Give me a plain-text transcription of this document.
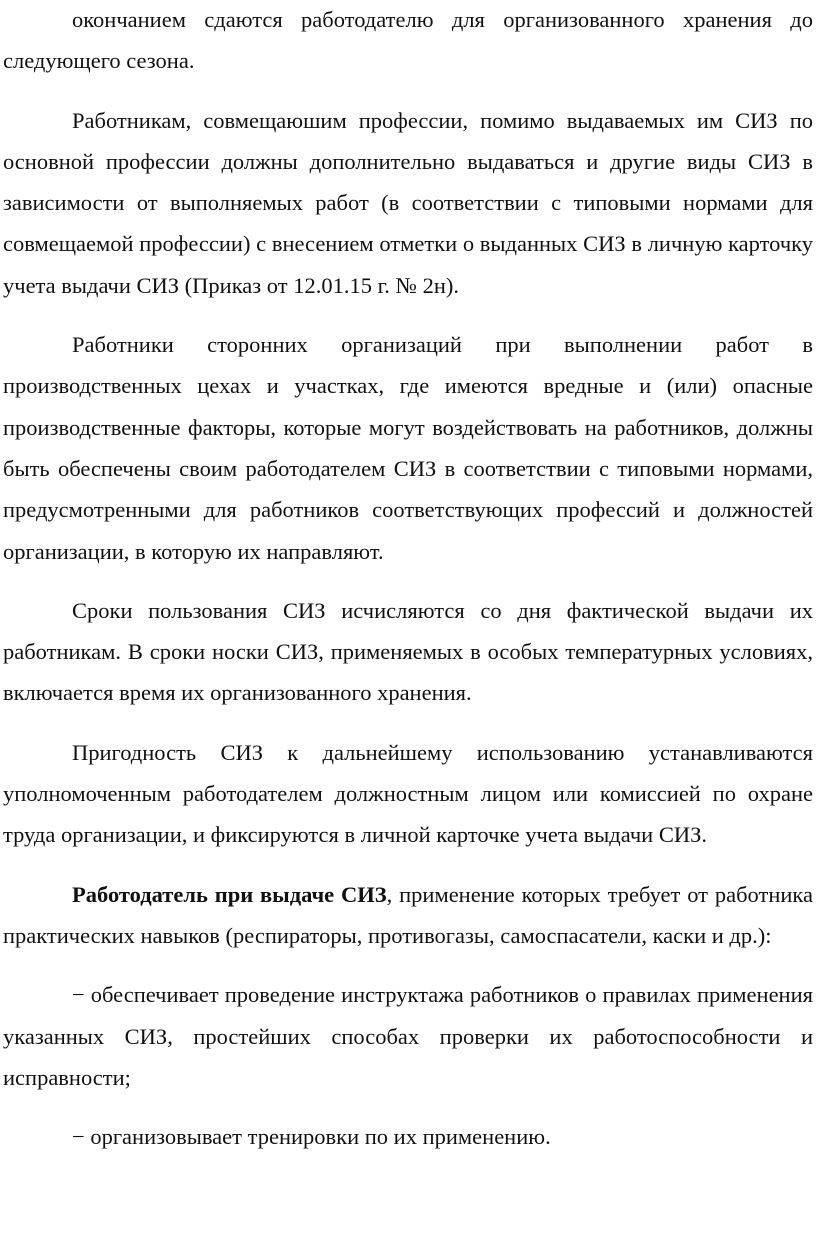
окончанием сдаются работодателю для организованного хранения до следующего сезона.

Работникам, совмещаюшим профессии, помимо выдаваемых им СИЗ по основной профессии должны дополнительно выдаваться и другие виды СИЗ в зависимости от выполняемых работ (в соответствии с типовыми нормами для совмещаемой профессии) с внесением отметки о выданных СИЗ в личную карточку учета выдачи СИЗ (Приказ от 12.01.15 г. № 2н).

Работники сторонних организаций при выполнении работ в производственных цехах и участках, где имеются вредные и (или) опасные производственные факторы, которые могут воздействовать на работников, должны быть обеспечены своим работодателем СИЗ в соответствии с типовыми нормами, предусмотренными для работников соответствующих профессий и должностей организации, в которую их направляют.

Сроки пользования СИЗ исчисляются со дня фактической выдачи их работникам. В сроки носки СИЗ, применяемых в особых температурных условиях, включается время их организованного хранения.

Пригодность СИЗ к дальнейшему использованию устанавливаются уполномоченным работодателем должностным лицом или комиссией по охране труда организации, и фиксируются в личной карточке учета выдачи СИЗ.

Работодатель при выдаче СИЗ, применение которых требует от работника практических навыков (респираторы, противогазы, самоспасатели, каски и др.):

− обеспечивает проведение инструктажа работников о правилах применения указанных СИЗ, простейших способах проверки их работоспособности и исправности;

− организовывает тренировки по их применению.
